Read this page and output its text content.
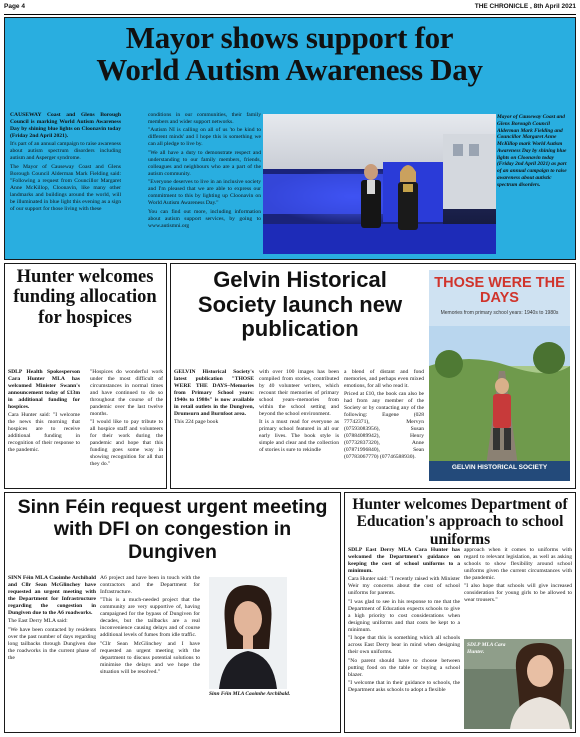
Page 4	THE CHRONICLE , 8th April 2021
Mayor shows support for
World Autism Awareness Day

CAUSEWAY Coast and Glens Borough Council is marking World Autism Awareness Day by shining blue lights on Cloonavin today (Friday 2nd April 2021).

It's part of an annual campaign to raise awareness about autism spectrum disorders including autism and Asperger syndrome.

The Mayor of Causeway Coast and Glens Borough Council Alderman Mark Fielding said: "Following a request from Councillor Margaret Anne McKillop, Cloonavin, like many other landmarks and buildings around the world, will be illuminated in blue light this evening as a sign of our support for those living with these

conditions in our communities, their family members and wider support networks.

"Autism NI is calling on all of us 'to be kind to different minds' and I hope this is something we can all pledge to live by.

"We all have a duty to demonstrate respect and understanding to our family members, friends, colleagues and neighbours who are a part of the autism community.

"Everyone deserves to live in an inclusive society and I'm pleased that we are able to express our commitment to this by lighting up Cloonavin on World Autism Awareness Day."

You can find out more, including information about autism support services, by going to www.autismni.org

Mayor of Causeway Coast and Glens Borough Council Alderman Mark Fielding and Councillor Margaret Anne McKillop mark World Autism Awareness Day by shining blue lights on Cloonavin today (Friday 2nd April 2021) as part of an annual campaign to raise awareness about autistic spectrum disorders.
Hunter welcomes funding allocation for hospices

SDLP Health Spokesperson Cara Hunter MLA has welcomed Minister Swann's announcement today of £13m in additional funding for hospices.

Cara Hunter said: "I welcome the news this morning that hospices are to receive additional funding in recognition of their response to the pandemic.

"Hospices do wonderful work under the most difficult of circumstances in normal times and have continued to do so throughout the course of the pandemic over the last twelve months.

"I would like to pay tribute to all hospice staff and volunteers for their work during the pandemic and hope that this funding goes some way in showing recognition for all that they do."

Gelvin Historical Society launch new publication

GELVIN Historical Society's latest publication "THOSE WERE THE DAYS–Memories from Primary School years: 1940s to 1980s" is now available in retail outlets in the Dungiven, Drumsurn and Burnfoot area.

This 224 page book

with over 100 images has been compiled from stories, contributed by 40 volunteer writers, which recount their memories of primary school years–memories from within the school setting and beyond the school environment.

It is a must read for everyone as primary school featured in all our early lives. The book style is simple and clear and the collection of stories is sure to rekindle

a blend of distant and fond memories, and perhaps even mixed emotions, for all who read it.

Priced at £10, the book can also be had from any member of the Society or by contacting any of the following: Eugene (028 77742371), Mervyn (07593083956), Susan (07884089942), Henry (07732837320), Anne (07871996840), Sean (07783067770) (07746588930).

THOSE WERE THE DAYS
Memories from primary school years: 1940s to 1980s
GELVIN HISTORICAL SOCIETY
Sinn Féin request urgent meeting with DFI on congestion in Dungiven

SINN Féin MLA Caoimhe Archibald and Cllr Sean McGlinchey have requested an urgent meeting with the Department for Infrastructure regarding the congestion in Dungiven due to the A6 roadworks.

The East Derry MLA said:

"We have been contacted by residents over the past number of days regarding long tailbacks through Dungiven due the roadworks in the current phase of the

A6 project and have been in touch with the contractors and the Department for Infrastructure.

"This is a much-needed project that the community are very supportive of, having campaigned for the bypass of Dungiven for decades, but the tailbacks are a real inconvenience causing delays and of course additional levels of fumes from idle traffic.

"Cllr Sean McGlinchey and I have requested an urgent meeting with the department to discuss potential solutions to minimise the delays and we hope the situation will be resolved."

Sinn Féin MLA Caoimhe Archibald.
Hunter welcomes Department of Education's approach to school uniforms

SDLP East Derry MLA Cara Hunter has welcomed the Department's guidance on keeping the cost of school uniforms to a minimum.

Cara Hunter said: "I recently raised with Minister Weir my concerns about the cost of school uniforms for parents.

"I was glad to see in his response to me that the Department of Education expects schools to give a high priority to cost considerations when designing uniforms and that costs be kept to a minimum.

"I hope that this is something which all schools across East Derry bear in mind when designing their own uniforms.

"No parent should have to choose between putting food on the table or buying a school blazer.

"I welcome that in their guidance to schools, the Department asks schools to adopt a flexible

approach when it comes to uniforms with regard to relevant legislation, as well as asking schools to show flexibility around school uniforms given the current circumstances with the pandemic.

"I also hope that schools will give increased consideration for young girls to be allowed to wear trousers."

SDLP MLA Cara Hunter.
